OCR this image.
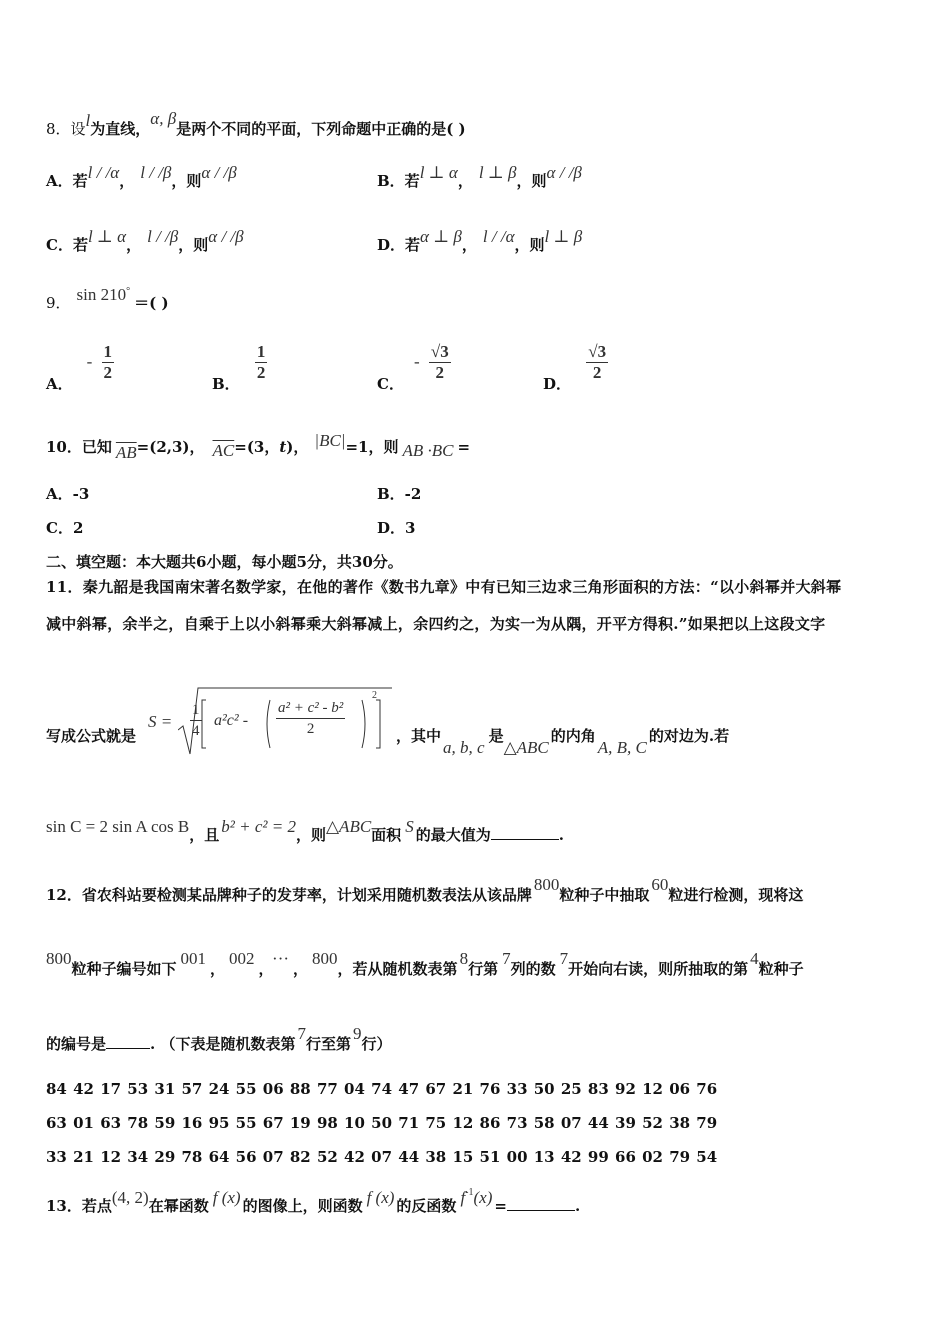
8．设l为直线，α, β是两个不同的平面，下列命题中正确的是( )
A．若l / /α， l / /β，则α / /β	B．若l ⊥ α， l ⊥ β，则α / /β
C．若l ⊥ α， l / /β，则α / /β	D．若α ⊥ β， l / /α，则l ⊥ β
9． sin 210°＝( )
A．- $\frac{1}{2}$
B．
$\frac{1}{2}$
C．- $\frac{√3}{2}$
D．
$\frac{√3}{2}$
10．已知 $\overline{AB}=(2,3)$， $\overline{AC}=(3$，t)， |BC|=1，则 AB ·BC =
A．-3	B．-2
C．2	D．3
二、填空题：本大题共6小题，每小题5分，共30分。
11．秦九韶是我国南宋著名数学家，在他的著作《数书九章》中有已知三边求三角形面积的方法：“以小斜幂并大斜幂
减中斜幂，余半之，自乘于上以小斜幂乘大斜幂减上，余四约之，为实一为从隅，开平方得积.”如果把以上这段文字
写成公式就是
$S = \frac{1}{4} a^2c^2 - \frac{\text{a² + c² - b²}}{2}$
2
，其中a, b, c是△ABC的内角A, B, C的对边为.若
sin C = 2 sin A cos B，且 b² + c² = 2，则△ABC面积 S 的最大值为	.
12．省农科站要检测某品牌种子的发芽率，计划采用随机数表法从该品牌800粒种子中抽取60粒进行检测，现将这
800粒种子编号如下001，002，···，800，若从随机数表第8行第7列的数7开始向右读，则所抽取的第4粒种子
的编号是	. （下表是随机数表第7行至第9行）
84 42 17 53 31 57 24 55 06 88 77 04 74 47 67 21 76 33 50 25 83 92 12 06 76
63 01 63 78 59 16 95 55 67 19 98 10 50 71 75 12 86 73 58 07 44 39 52 38 79
33 21 12 34 29 78 64 56 07 82 52 42 07 44 38 15 51 00 13 42 99 66 02 79 54
13．若点(4, 2)在幂函数 f (x) 的图像上，则函数 f (x) 的反函数 $f^{-1}(x)$ =	.
